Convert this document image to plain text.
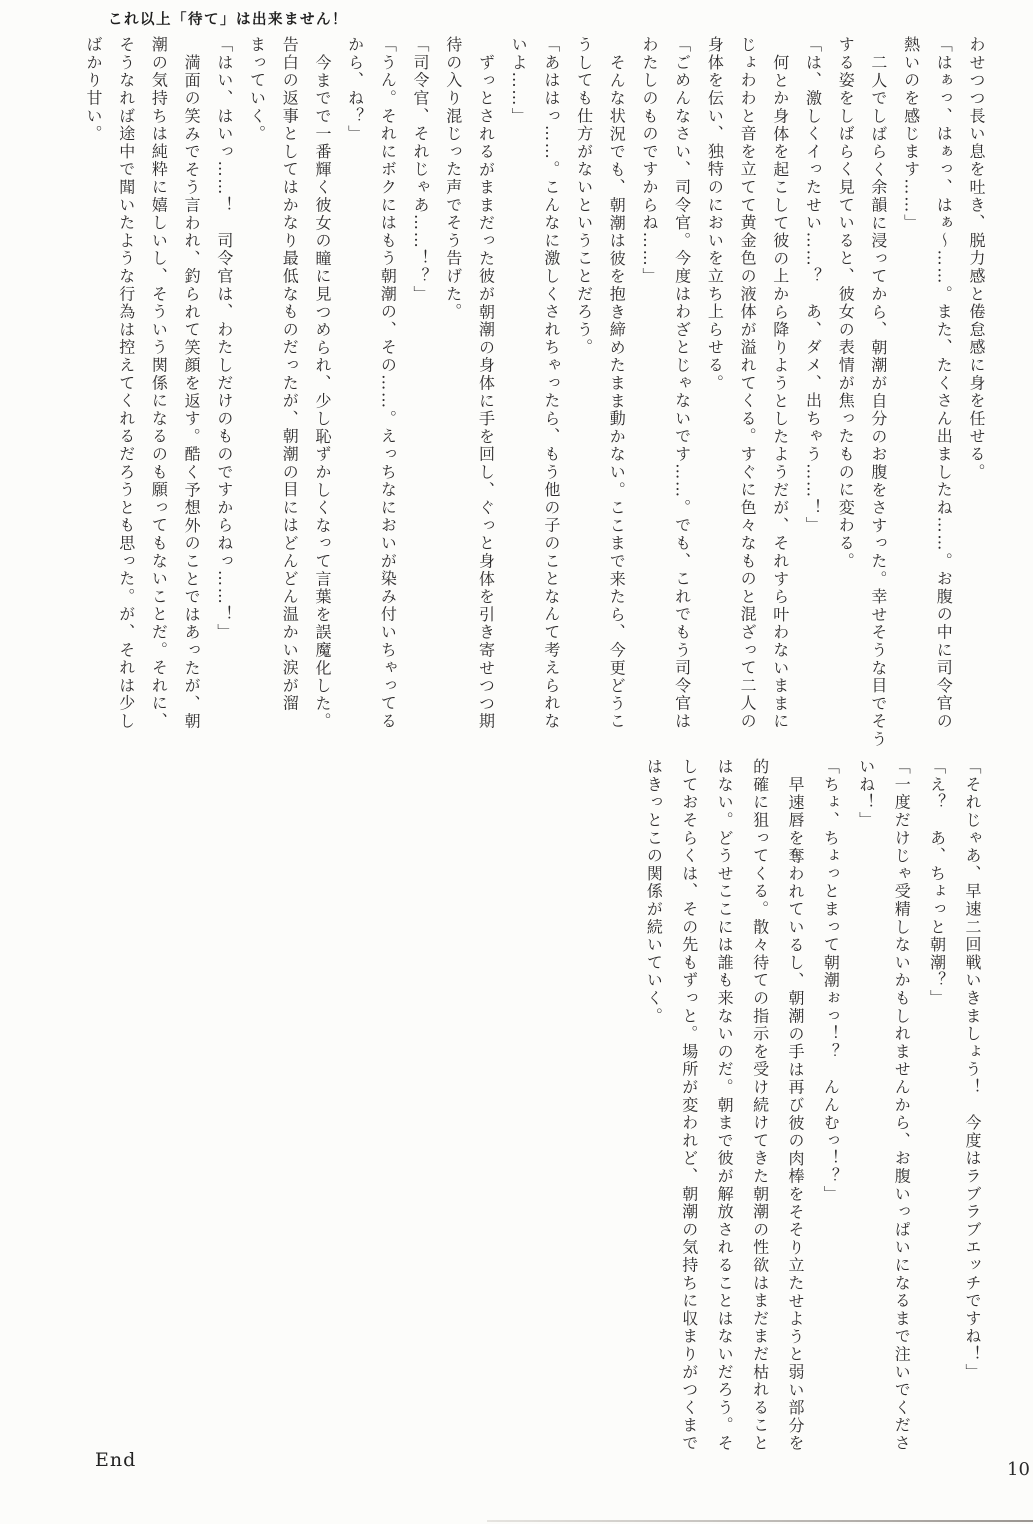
これ以上「待て」は出来ません！
わせつつ長い息を吐き、脱力感と倦怠感に身を任せる。
「はぁっ、はぁっ、はぁ～……。また、たくさん出ましたね……。お腹の中に司令官の
熱いのを感じます……」
二人でしばらく余韻に浸ってから、朝潮が自分のお腹をさすった。幸せそうな目でそう
する姿をしばらく見ていると、彼女の表情が焦ったものに変わる。
「は、激しくイったせい……？　あ、ダメ、出ちゃう……！」
何とか身体を起こして彼の上から降りようとしたようだが、それすら叶わないままに
じょわわと音を立てて黄金色の液体が溢れてくる。すぐに色々なものと混ざって二人の
身体を伝い、独特のにおいを立ち上らせる。
「ごめんなさい、司令官。今度はわざとじゃないです……。でも、これでもう司令官は
わたしのものですからね……」
そんな状況でも、朝潮は彼を抱き締めたまま動かない。ここまで来たら、今更どうこ
うしても仕方がないということだろう。
「あははっ……。こんなに激しくされちゃったら、もう他の子のことなんて考えられな
いよ……」
ずっとされるがままだった彼が朝潮の身体に手を回し、ぐっと身体を引き寄せつつ期
待の入り混じった声でそう告げた。
「司令官、それじゃあ……！？」
「うん。それにボクにはもう朝潮の、その……。えっちなにおいが染み付いちゃってる
から、ね？」
今までで一番輝く彼女の瞳に見つめられ、少し恥ずかしくなって言葉を誤魔化した。
告白の返事としてはかなり最低なものだったが、朝潮の目にはどんどん温かい涙が溜
まっていく。
「はい、はいっ……！　司令官は、わたしだけのものですからねっ……！」
満面の笑みでそう言われ、釣られて笑顔を返す。酷く予想外のことではあったが、朝
潮の気持ちは純粋に嬉しいし、そういう関係になるのも願ってもないことだ。それに、
そうなれば途中で聞いたような行為は控えてくれるだろうとも思った。が、それは少し
ばかり甘い。
「それじゃあ、早速二回戦いきましょう！　今度はラブラブエッチですね！」
「え？　あ、ちょっと朝潮？」
「一度だけじゃ受精しないかもしれませんから、お腹いっぱいになるまで注いでくださ
いね！」
「ちょ、ちょっとまって朝潮ぉっ！？　んんむっ！？」
早速唇を奪われているし、朝潮の手は再び彼の肉棒をそそり立たせようと弱い部分を
的確に狙ってくる。散々待ての指示を受け続けてきた朝潮の性欲はまだまだ枯れること
はない。どうせここには誰も来ないのだ。朝まで彼が解放されることはないだろう。そ
しておそらくは、その先もずっと。場所が変われど、朝潮の気持ちに収まりがつくまで
はきっとこの関係が続いていく。
End	10
